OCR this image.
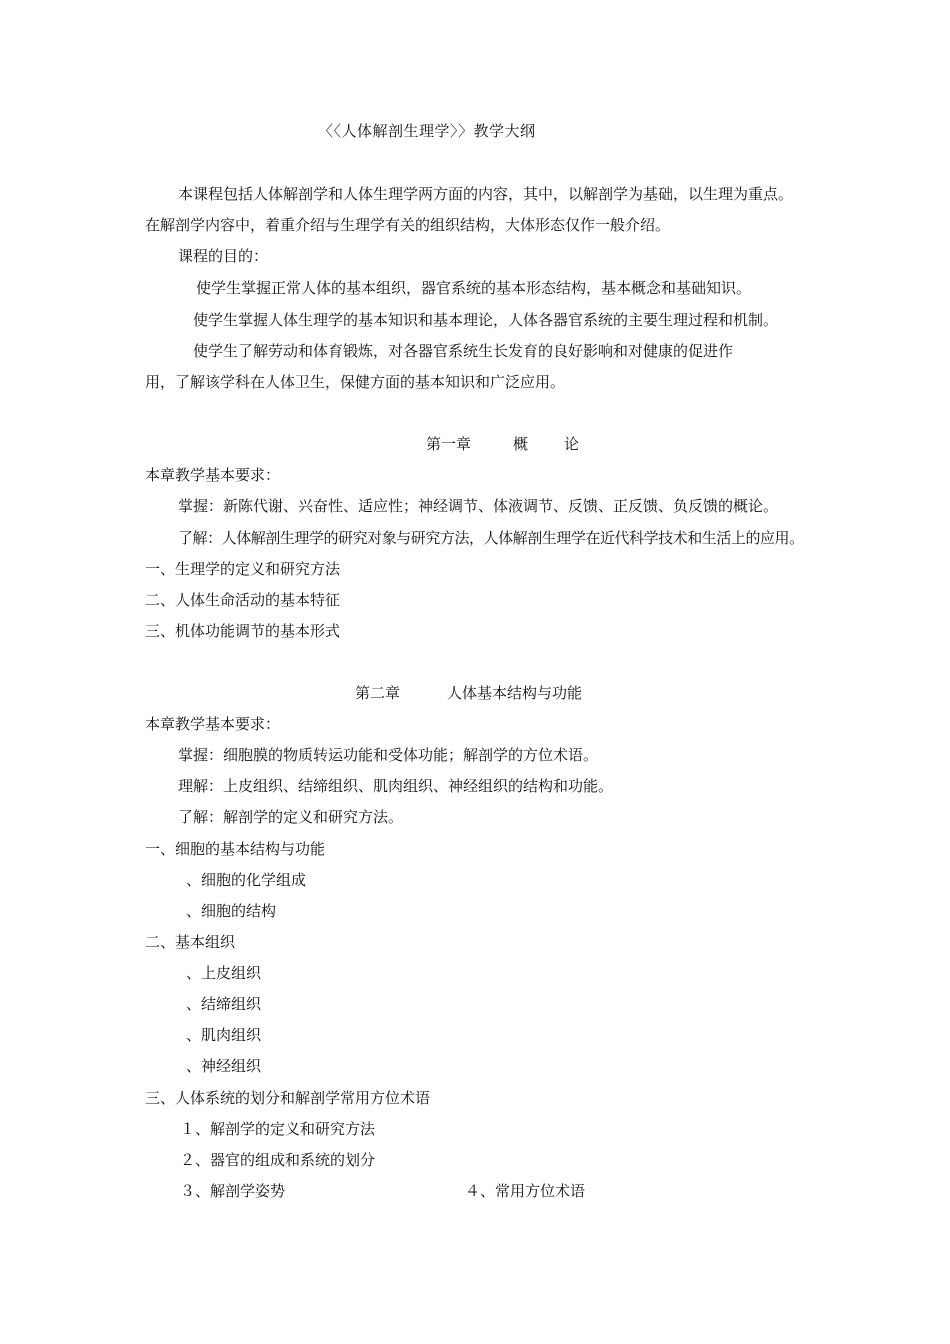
〈〈人体解剖生理学〉〉教学大纲
本课程包括人体解剖学和人体生理学两方面的内容，其中，以解剖学为基础，以生理为重点。
在解剖学内容中，着重介绍与生理学有关的组织结构，大体形态仅作一般介绍。
课程的目的：
使学生掌握正常人体的基本组织，器官系统的基本形态结构，基本概念和基础知识。
使学生掌握人体生理学的基本知识和基本理论，人体各器官系统的主要生理过程和机制。
使学生了解劳动和体育锻炼，对各器官系统生长发育的良好影响和对健康的促进作
用，了解该学科在人体卫生，保健方面的基本知识和广泛应用。
第一章	概 论
本章教学基本要求：
掌握：新陈代谢、兴奋性、适应性；神经调节、体液调节、反馈、正反馈、负反馈的概论。
了解：人体解剖生理学的研究对象与研究方法，人体解剖生理学在近代科学技术和生活上的应用。
一、生理学的定义和研究方法
二、人体生命活动的基本特征
三、机体功能调节的基本形式
第二章	人体基本结构与功能
本章教学基本要求：
掌握：细胞膜的物质转运功能和受体功能；解剖学的方位术语。
理解：上皮组织、结缔组织、肌肉组织、神经组织的结构和功能。
了解：解剖学的定义和研究方法。
一、细胞的基本结构与功能
、细胞的化学组成
、细胞的结构
二、基本组织
、上皮组织
、结缔组织
、肌肉组织
、神经组织
三、人体系统的划分和解剖学常用方位术语
１、解剖学的定义和研究方法
２、器官的组成和系统的划分
３、解剖学姿势	４、常用方位术语
